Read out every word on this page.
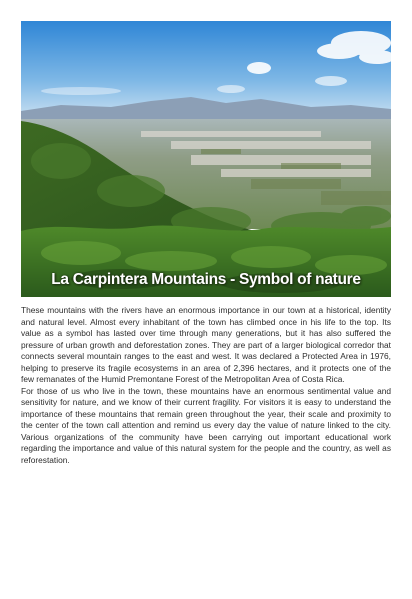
La Carpintera Mountains - Symbol of nature

These mountains with the rivers have an enormous importance in our town at a historical, identity and natural level. Almost every inhabitant of the town has climbed once in his life to the top. Its value as a symbol has lasted over time through many generations, but it has also suffered the pressure of urban growth and deforestation zones. They are part of a larger biological corredor that connects several mountain ranges to the east and west. It was declared a Protected Area in 1976, helping to preserve its fragile ecosystems in an area of 2,396 hectares, and it protects one of the few remanates of the Humid Premontane Forest of the Metropolitan Area of Costa Rica.

For those of us who live in the town, these mountains have an enormous sentimental value and sensitivity for nature, and we know of their current fragility. For visitors it is easy to understand the importance of these mountains that remain green throughout the year, their scale and proximity to the center of the town call attention and remind us every day the value of nature linked to the city. Various organizations of the community have been carrying out important educational work regarding the importance and value of this natural system for the people and the country, as well as reforestation.
